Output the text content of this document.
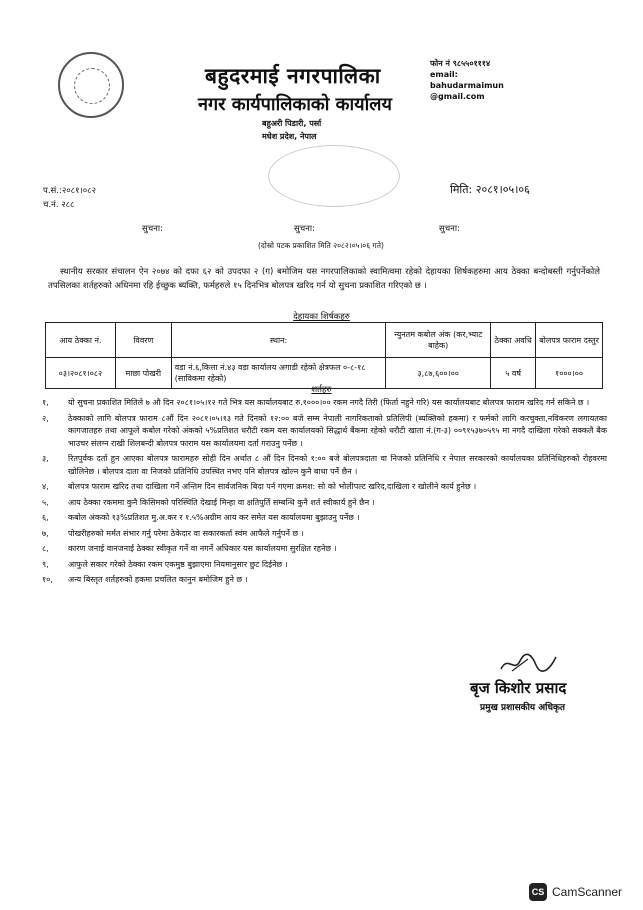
बहुदरमाई नगरपालिका
नगर कार्यपालिकाको कार्यालय
बहुअरी पिडारी, पर्सा
मधेश प्रदेश, नेपाल
फोन नं ९८५५०१११४
email:
bahudarmaimun
@gmail.com
प.सं.:२०८१।०८२
च.नं. २८८
मिति: २०८१।०५।०६
सुचना:	सुचना:	सुचना:
(दोस्रो पटक प्रकाशित मिति २०८२।०५।०६ गते)
स्थानीय सरकार संचालन ऐन २०७४ को दफा ६२ को उपदफा २ (ग) बमोजिम यस नगरपालिकाको स्वामित्वमा रहेको देहायका शिर्षकहरुमा आय ठेक्का बन्दोबस्ती गर्नुपर्नेकोले तपसिलका शर्तहरुको अधिनमा रहि ईच्छुक ब्यक्ति, फर्महरुले १५ दिनभित्र बोलपत्र खरिद गर्न यो सुचना प्रकाशित गरिएको छ ।
देहायका शिर्षकहरु
आय ठेक्का नं.	विवरण	स्थान:	न्युनतम कबोल अंक (कर,भ्याट बाहेक)	ठेक्का अवधि	बोलपत्र फाराम दस्तुर
०३।२०८१।०८२	माछा पोखरी	वडा नं.६,कित्ता नं.४३ वडा कार्यालय अगाडी रहेको क्षेत्रफल ०-८-१८ (साविकमा रहेको)	३,८७,६००।००	५ वर्ष	१०००।००
शर्तहरु
१,	यो सुचना प्रकाशित मितिले ७ औ दिन २०८१।०५।१२ गते भित्र यस कार्यालयबाट रु.१०००।०० रकम नगदै तिरी (फिर्ता नहुने गरि) यस कार्यालयबाट बोलपत्र फाराम खरिद गर्न सकिने छ ।
२,	ठेक्काको लागि बोलपत्र फाराम ८औं दिन २०८१।०५।१३ गते दिनको १२:०० बजे सम्म नेपाली नागरिकताको प्रतिलिपी (ब्यक्तिको हकमा) र फर्मको लागि करचुक्ता,नविकरण लगायतका कागजातहरु तथा आफूले कबोल गरेको अंकको ५%प्रतिशत धरौटी रकम यस कार्यालयको सिद्धार्थ बैंकमा रहेको धरौटी खाता नं.(ग-३) ००९१५३७०५९५ मा नगदै दाखिला गरेको सक्कलै बैक भाउचर संलग्न राखी शिलबन्दी बोलपत्र फाराम यस कार्यालयमा दर्ता गराउनु पर्नेछ ।
३,	रितपुर्वक दर्ता हुन आएका बोलपत्र फारामहरु सोही दिन अर्थात ८ औं दिन दिनको १:०० बजे बोलपत्रदाता वा निजको प्रतिनिधि र नेपाल सरकारको कार्यालयका प्रतिनिधिहरुको रोहवरमा खोलिनेछ । बोलपत्र दाता वा निजको प्रतिनिधि उपस्थित नभए पनि बोलपत्र खोल्न कुनै बाधा पर्ने छैन ।
४,	बोलपत्र फाराम खरिद तथा दाखिला गर्ने अन्तिम दिन सार्वजनिक बिदा पर्न गएमा क्रमश: सो को भोलीपल्ट खरिद,दाखिला र खोलीने कार्य हुनेछ ।
५,	आय ठेक्का रकममा कुनै किसिमको परिस्थिति देखाई मिन्हा वा क्षतिपुर्ति सम्बन्धि कुनै शर्त स्वीकार्य हुने छैन ।
६,	कबोल अंकको १३%प्रतिशत मु.अ.कर र १.५%अग्रीम आय कर समेत यस कार्यालयमा बुझाउनु पर्नेछ ।
७,	पोखरीहरुको मर्मत संभार गर्नु परेमा ठेकेदार वा सकारकर्ता स्वंम आफैले गर्नुपर्ने छ ।
८,	कारण जनाई वानजनाई ठेक्का स्वीकृत गर्ने वा नगर्ने अधिकार यस कार्यालयमा सुरक्षित रहनेछ ।
९,	आफुले सकार गरेको ठेक्का रकम एकमुष्ठ बुझाएमा नियमानुसार छुट दिईनेछ ।
१०,	अन्य बिस्तृत शर्तहरुको हकमा प्रचलित कानुन बमोजिम हुने छ ।
बृज किशोर प्रसाद
प्रमुख प्रशासकीय अधिकृत
CS CamScanner
